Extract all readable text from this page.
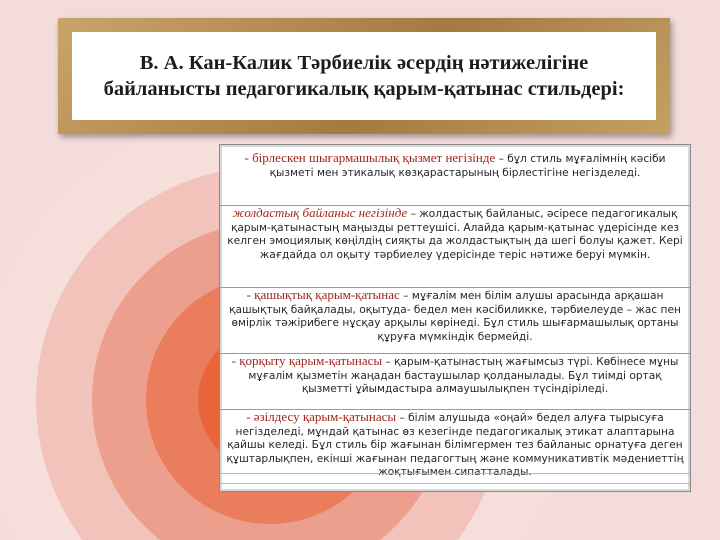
В. А. Кан-Калик Тәрбиелік әсердің нәтижелігіне байланысты педагогикалық қарым-қатынас стильдері:
- бірлескен шығармашылық қызмет негізінде – бұл стиль мұғалімнің кәсіби қызметі мен этикалық көзқарастарының бірлестігіне негізделеді.
жолдастық байланыс негізінде – жолдастық байланыс, әсіресе педагогикалық қарым-қатынастың маңызды реттеушісі. Алайда қарым-қатынас үдерісінде кез келген эмоциялық көңілдің сияқты да жолдастықтың да шегі болуы қажет. Кері жағдайда ол оқыту тәрбиелеу үдерісінде теріс нәтиже беруі мүмкін.
- қашықтық қарым-қатынас – мұғалім мен білім алушы арасында арқашан қашықтық байқалады, оқытуда- бедел мен кәсібиликке, тәрбиелеуде – жас пен өмірлік тәжірибеге нұсқау арқылы көрінеді. Бұл стиль шығармашылық ортаны құруға мүмкіндік бермейді.
- қорқыту қарым-қатынасы – қарым-қатынастың жағымсыз түрі. Көбінесе мұны мұғалім қызметін жаңадан бастаушылар қолданылады. Бұл тиімді ортақ қызметті ұйымдастыра алмаушылықпен түсіндіріледі.
- әзілдесу қарым-қатынасы – білім алушыда «оңай» бедел алуға тырысуға негізделеді, мұндай қатынас өз кезегінде педагогикалық этикат алаптарына қайшы келеді. Бұл стиль бір жағынан білімгермен тез байланыс орнатуға деген құштарлықпен, екінші жағынан педагогтың және коммуникативтік мәдениеттің жоқтығымен сипатталады.
